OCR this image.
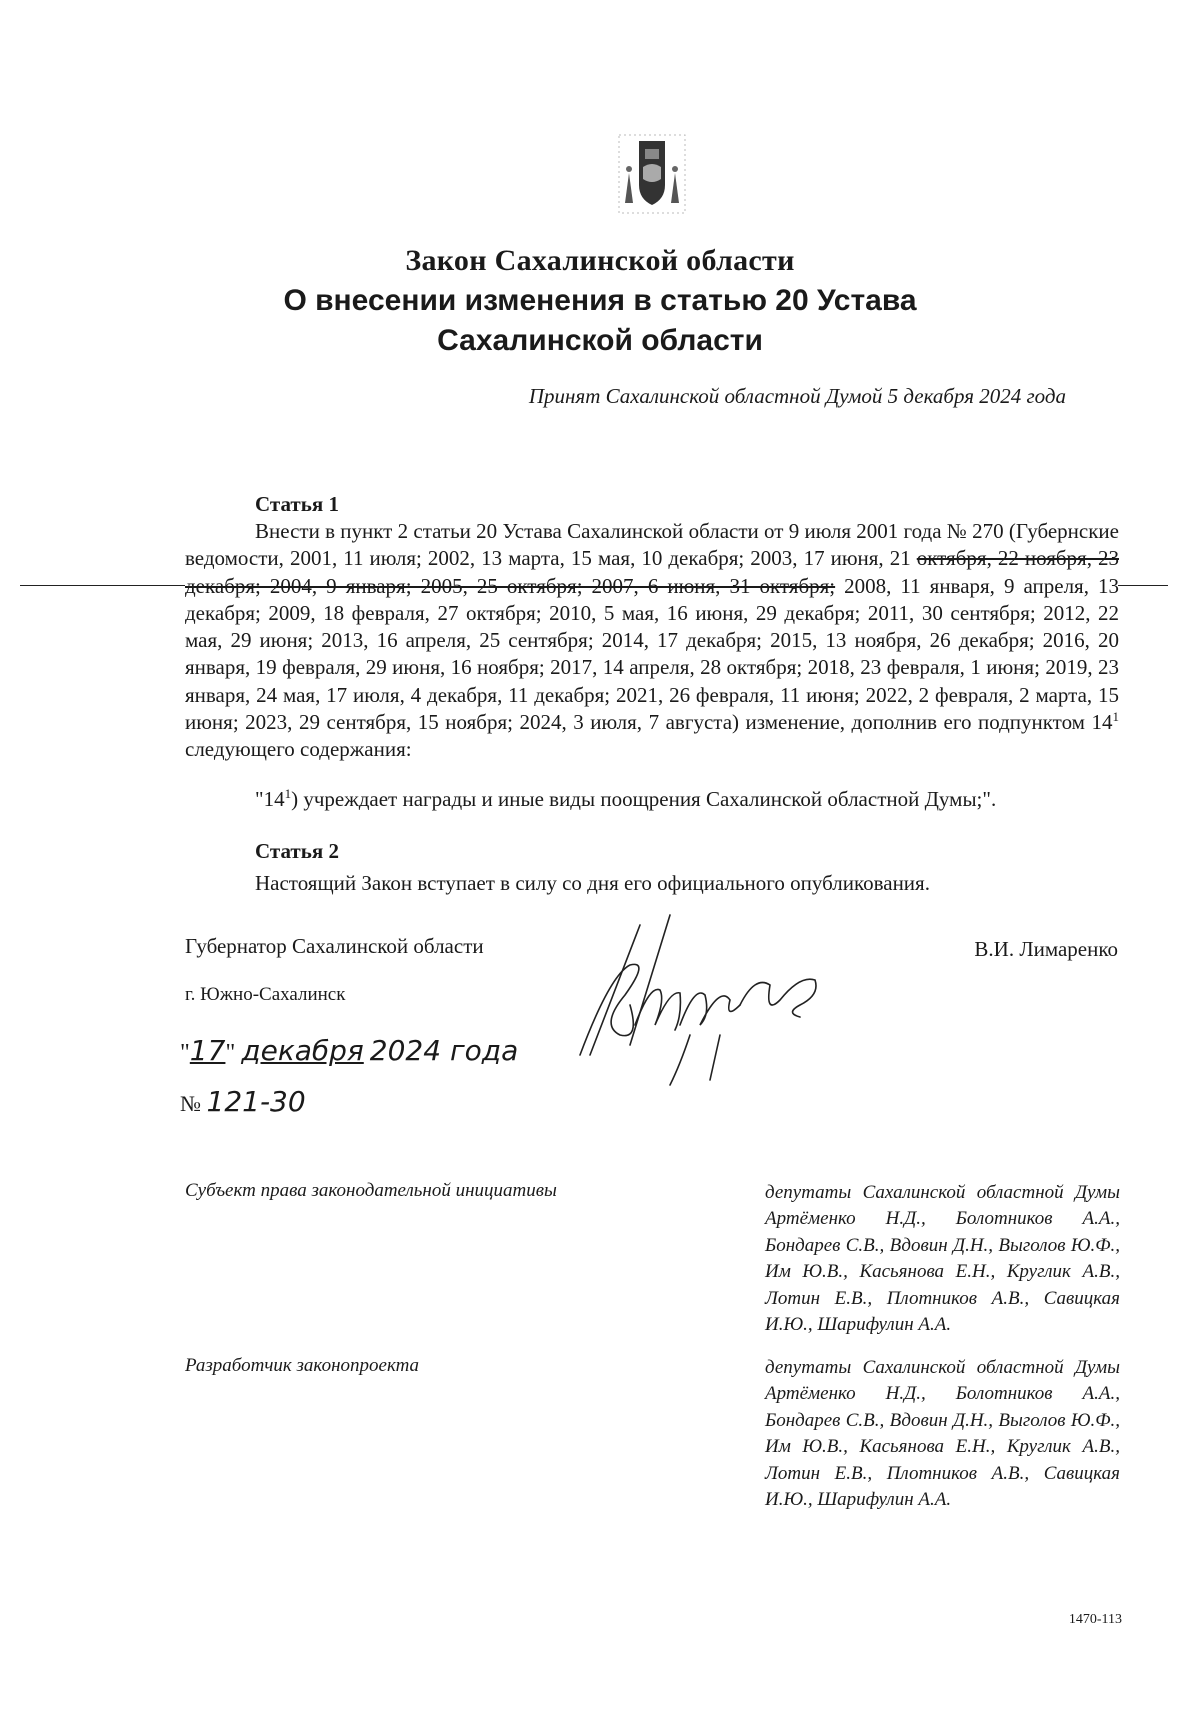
Закон Сахалинской области
О внесении изменения в статью 20 Устава
Сахалинской области
Принят Сахалинской областной Думой 5 декабря 2024 года
Статья 1
Внести в пункт 2 статьи 20 Устава Сахалинской области от 9 июля 2001 года № 270 (Губернские ведомости, 2001, 11 июля; 2002, 13 марта, 15 мая, 10 декабря; 2003, 17 июня, 21 октября, 22 ноября, 23 декабря; 2004, 9 января; 2005, 25 октября; 2007, 6 июня, 31 октября; 2008, 11 января, 9 апреля, 13 декабря; 2009, 18 февраля, 27 октября; 2010, 5 мая, 16 июня, 29 декабря; 2011, 30 сентября; 2012, 22 мая, 29 июня; 2013, 16 апреля, 25 сентября; 2014, 17 декабря; 2015, 13 ноября, 26 декабря; 2016, 20 января, 19 февраля, 29 июня, 16 ноября; 2017, 14 апреля, 28 октября; 2018, 23 февраля, 1 июня; 2019, 23 января, 24 мая, 17 июля, 4 декабря, 11 декабря; 2021, 26 февраля, 11 июня; 2022, 2 февраля, 2 марта, 15 июня; 2023, 29 сентября, 15 ноября; 2024, 3 июля, 7 августа) изменение, дополнив его подпунктом $14^1$ следующего содержания:
"$14^1$) учреждает награды и иные виды поощрения Сахалинской областной Думы;".
Статья 2
Настоящий Закон вступает в силу со дня его официального опубликования.
Губернатор Сахалинской области	В.И. Лимаренко
г. Южно-Сахалинск
"17" декабря 2024 года
№ 121-30
Субъект права законодательной инициативы	депутаты Сахалинской областной Думы Артёменко Н.Д., Болотников А.А., Бондарев С.В., Вдовин Д.Н., Выголов Ю.Ф., Им Ю.В., Касьянова Е.Н., Круглик А.В., Лотин Е.В., Плотников А.В., Савицкая И.Ю., Шарифулин А.А.
Разработчик законопроекта	депутаты Сахалинской областной Думы Артёменко Н.Д., Болотников А.А., Бондарев С.В., Вдовин Д.Н., Выголов Ю.Ф., Им Ю.В., Касьянова Е.Н., Круглик А.В., Лотин Е.В., Плотников А.В., Савицкая И.Ю., Шарифулин А.А.
1470-113
